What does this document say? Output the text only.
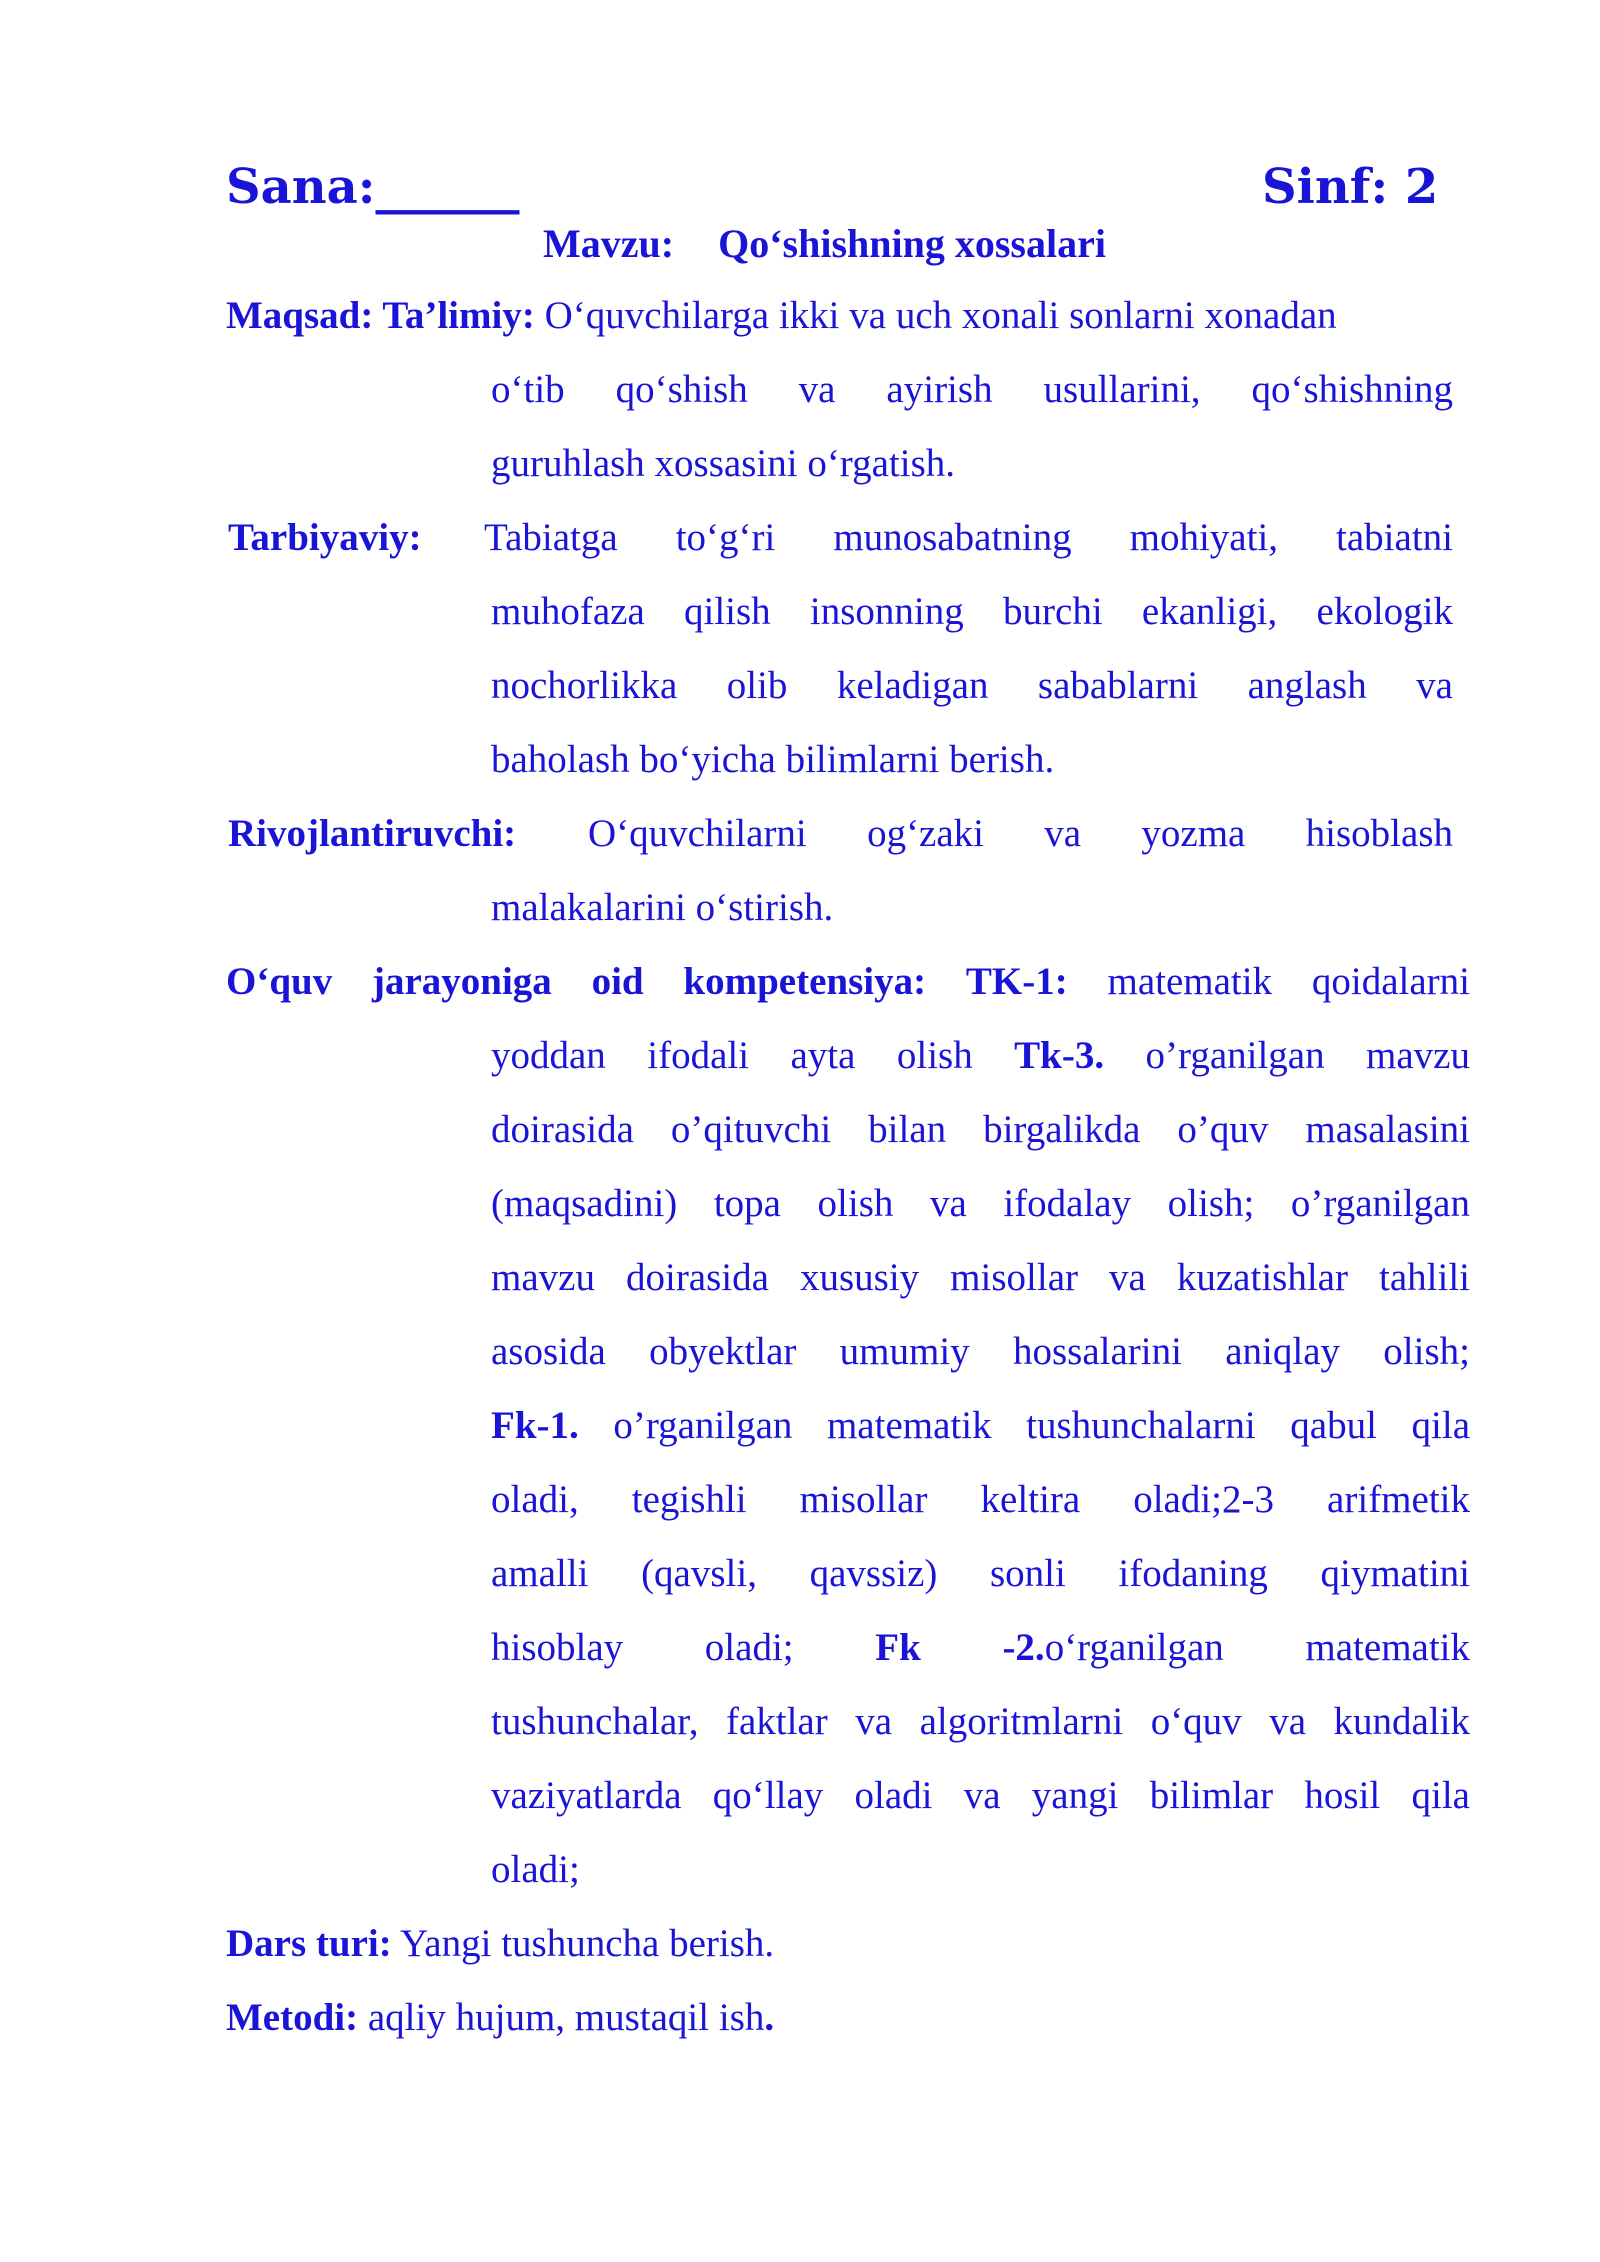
Sana:______	Sinf: 2
Mavzu: Qo‘shishning xossalari
Maqsad: Ta’limiy: O‘quvchilarga ikki va uch xonali sonlarni xonadan
o‘tib qo‘shish va ayirish usullarini, qo‘shishning
guruhlash xossasini o‘rgatish.
Tarbiyaviy: Tabiatga to‘g‘ri munosabatning mohiyati, tabiatni
muhofaza qilish insonning burchi ekanligi, ekologik
nochorlikka olib keladigan sabablarni anglash va
baholash bo‘yicha bilimlarni berish.
Rivojlantiruvchi: O‘quvchilarni og‘zaki va yozma hisoblash
malakalarini o‘stirish.
O‘quv jarayoniga oid kompetensiya: TK-1: matematik qoidalarni
yoddan ifodali ayta olish Tk-3. o’rganilgan mavzu
doirasida o’qituvchi bilan birgalikda o’quv masalasini
(maqsadini) topa olish va ifodalay olish; o’rganilgan
mavzu doirasida xususiy misollar va kuzatishlar tahlili
asosida obyektlar umumiy hossalarini aniqlay olish;
Fk-1. o’rganilgan matematik tushunchalarni qabul qila
oladi, tegishli misollar keltira oladi;2-3 arifmetik
amalli (qavsli, qavssiz) sonli ifodaning qiymatini
hisoblay oladi; Fk -2.o‘rganilgan matematik
tushunchalar, faktlar va algoritmlarni o‘quv va kundalik
vaziyatlarda qo‘llay oladi va yangi bilimlar hosil qila
oladi;
Dars turi: Yangi tushuncha berish.
Metodi: aqliy hujum, mustaqil ish.
